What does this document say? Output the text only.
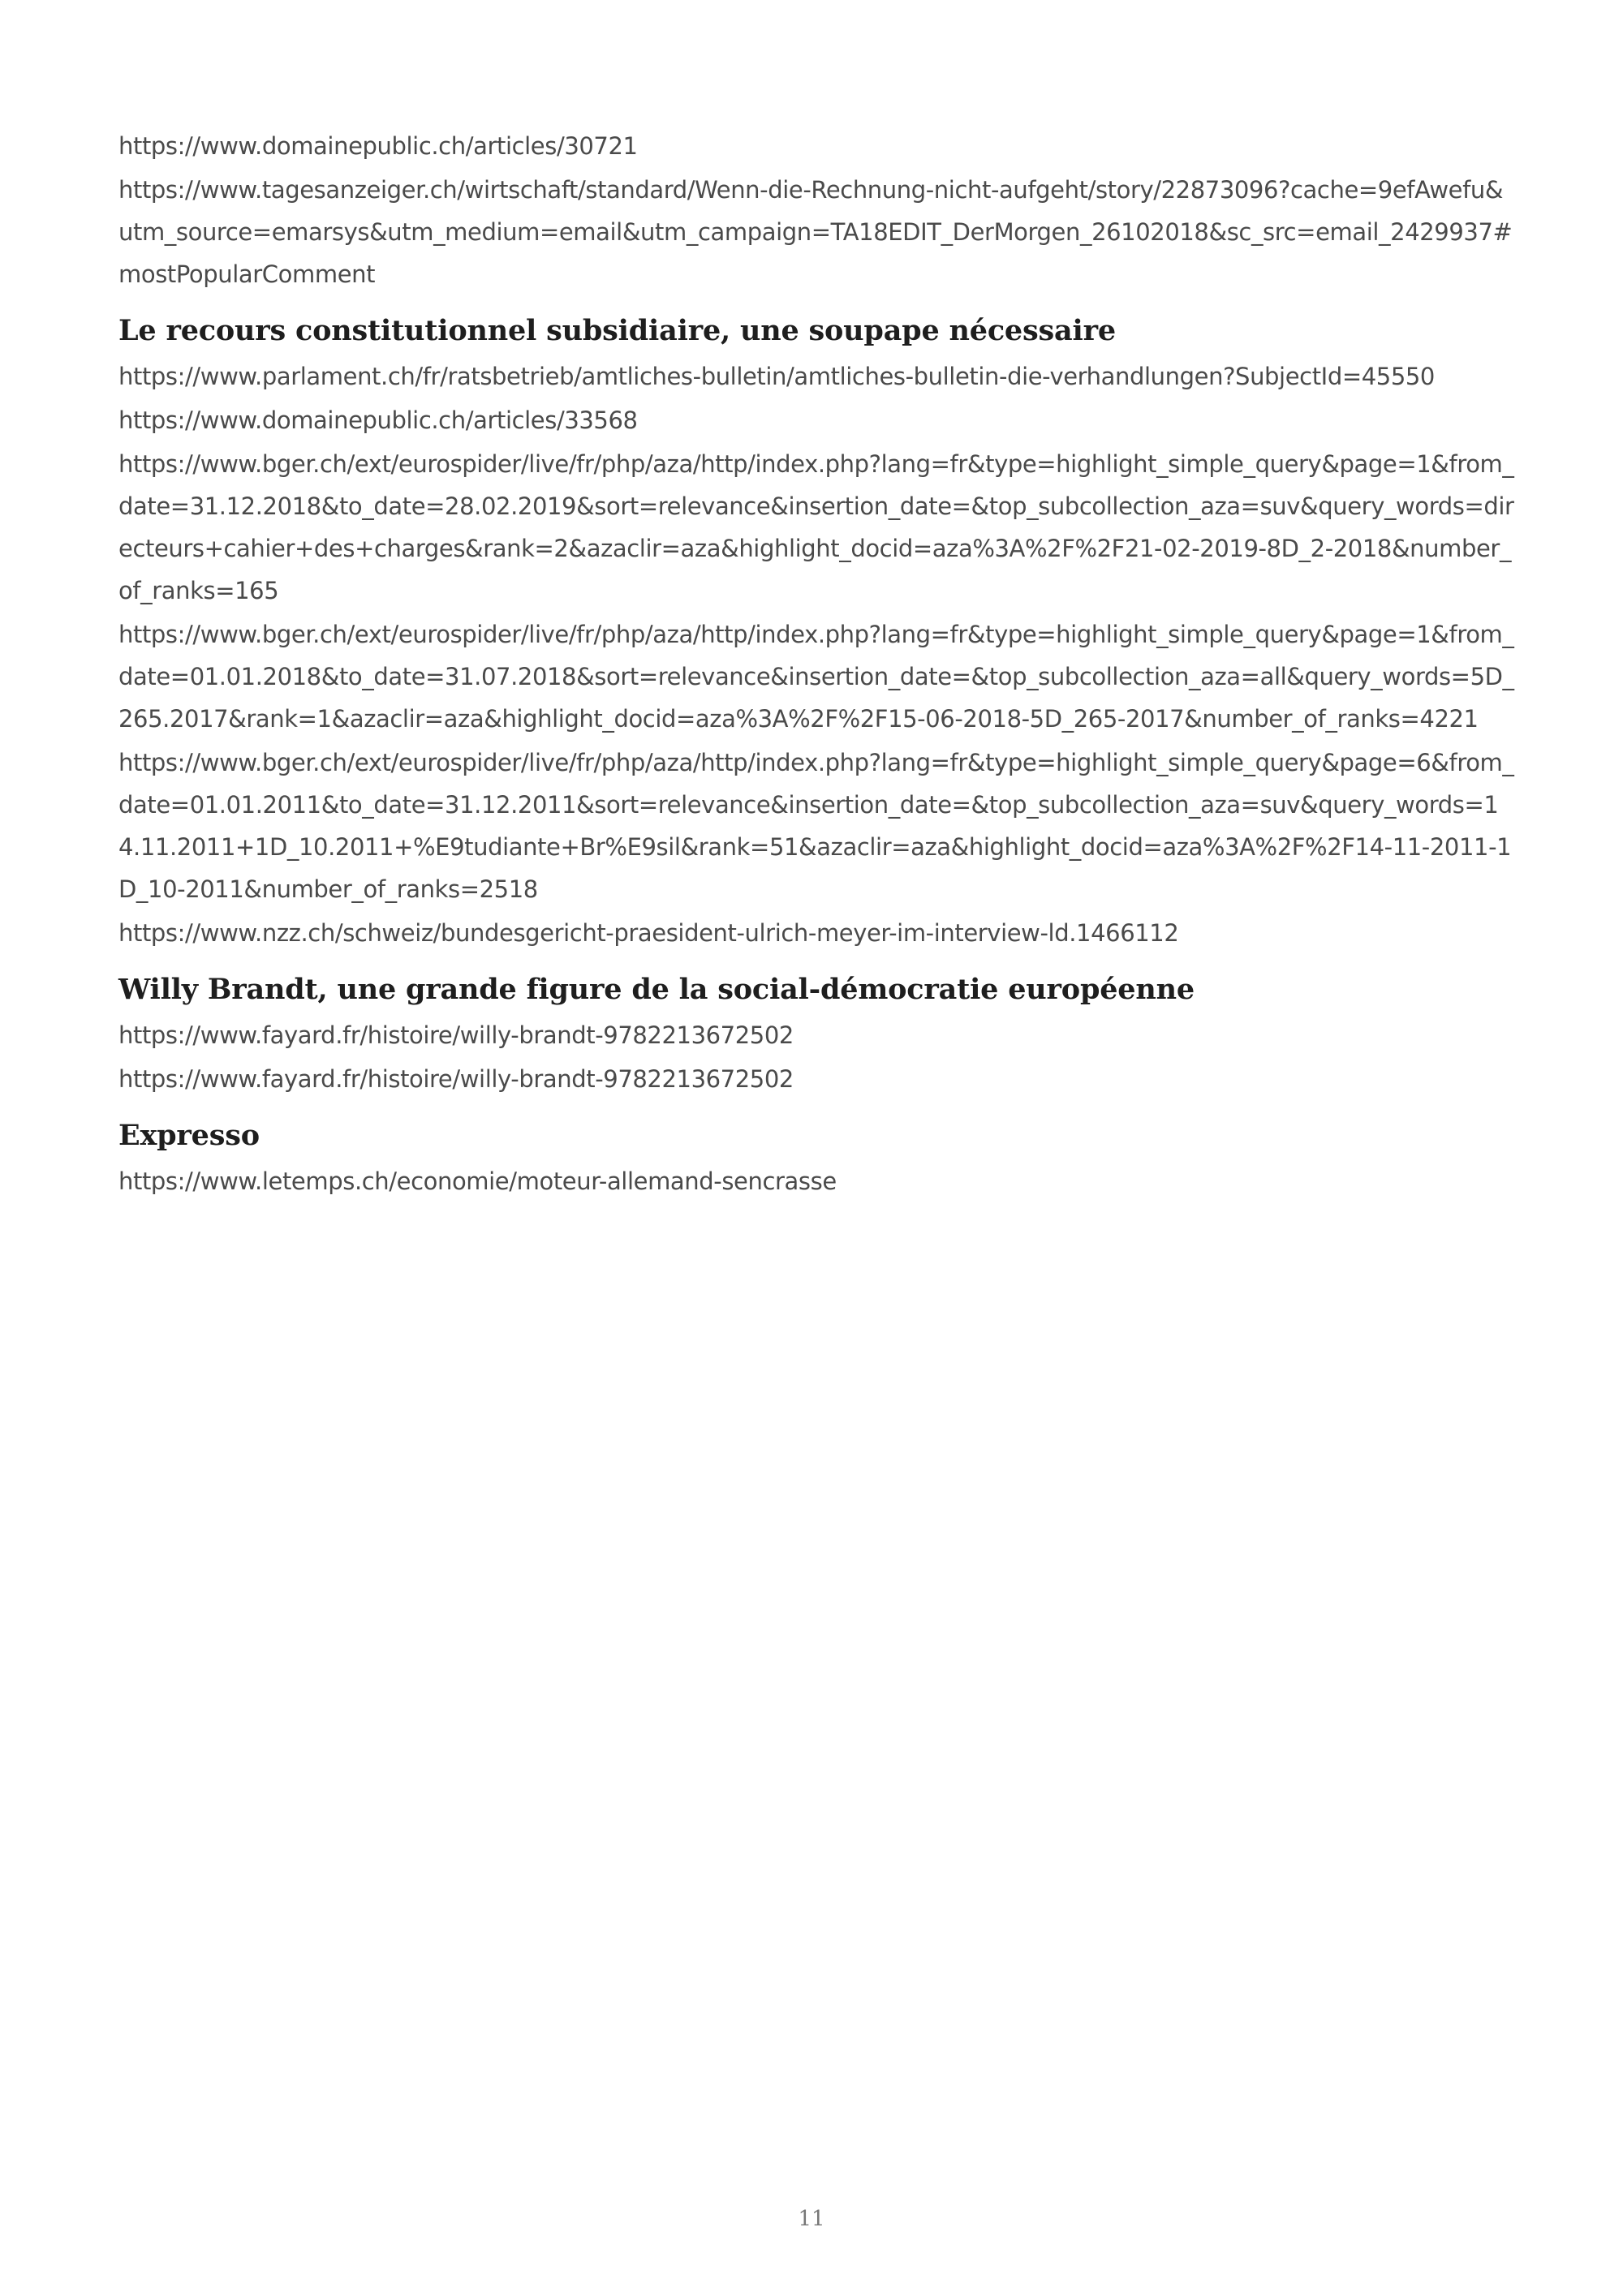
https://www.domainepublic.ch/articles/30721
https://www.tagesanzeiger.ch/wirtschaft/standard/Wenn-die-Rechnung-nicht-aufgeht/story/22873096?cache=9efAwefu&utm_source=emarsys&utm_medium=email&utm_campaign=TA18EDIT_DerMorgen_26102018&sc_src=email_2429937#mostPopularComment
Le recours constitutionnel subsidiaire, une soupape nécessaire
https://www.parlament.ch/fr/ratsbetrieb/amtliches-bulletin/amtliches-bulletin-die-verhandlungen?SubjectId=45550
https://www.domainepublic.ch/articles/33568
https://www.bger.ch/ext/eurospider/live/fr/php/aza/http/index.php?lang=fr&type=highlight_simple_query&page=1&from_date=31.12.2018&to_date=28.02.2019&sort=relevance&insertion_date=&top_subcollection_aza=suv&query_words=directeurs+cahier+des+charges&rank=2&azaclir=aza&highlight_docid=aza%3A%2F%2F21-02-2019-8D_2-2018&number_of_ranks=165
https://www.bger.ch/ext/eurospider/live/fr/php/aza/http/index.php?lang=fr&type=highlight_simple_query&page=1&from_date=01.01.2018&to_date=31.07.2018&sort=relevance&insertion_date=&top_subcollection_aza=all&query_words=5D_265.2017&rank=1&azaclir=aza&highlight_docid=aza%3A%2F%2F15-06-2018-5D_265-2017&number_of_ranks=4221
https://www.bger.ch/ext/eurospider/live/fr/php/aza/http/index.php?lang=fr&type=highlight_simple_query&page=6&from_date=01.01.2011&to_date=31.12.2011&sort=relevance&insertion_date=&top_subcollection_aza=suv&query_words=14.11.2011+1D_10.2011+%E9tudiante+Br%E9sil&rank=51&azaclir=aza&highlight_docid=aza%3A%2F%2F14-11-2011-1D_10-2011&number_of_ranks=2518
https://www.nzz.ch/schweiz/bundesgericht-praesident-ulrich-meyer-im-interview-ld.1466112
Willy Brandt, une grande figure de la social-démocratie européenne
https://www.fayard.fr/histoire/willy-brandt-9782213672502
https://www.fayard.fr/histoire/willy-brandt-9782213672502
Expresso
https://www.letemps.ch/economie/moteur-allemand-sencrasse
11
